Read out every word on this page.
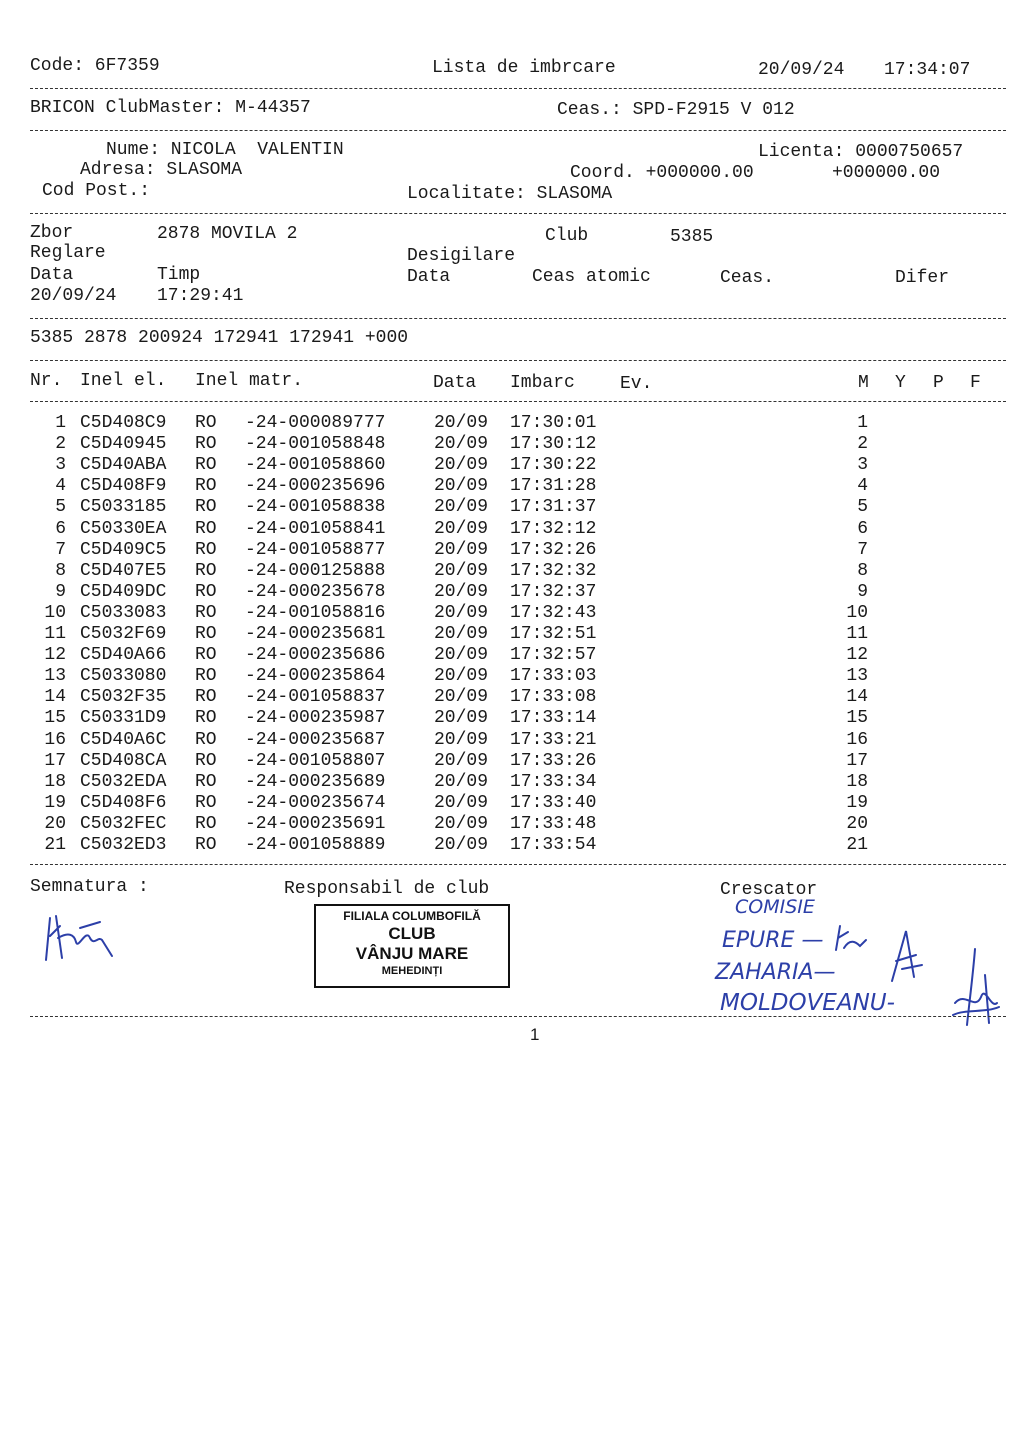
Code: 6F7359	Lista de imbrcare	20/09/24 17:34:07
BRICON ClubMaster: M-44357	Ceas.: SPD-F2915 V 012
Nume: NICOLA  VALENTIN	Licenta: 0000750657
Adresa: SLASOMA	Coord. +000000.00	+000000.00
Cod Post.:	Localitate: SLASOMA
Zbor	2878 MOVILA 2	Club	5385
Reglare	Desigilare
Data	Timp	Data	Ceas atomic	Ceas.	Difer
20/09/24 17:29:41
5385 2878 200924 172941 172941 +000
Nr. Inel el. Inel matr.	Data Imbarc	Ev.	M Y P F
1 C5D408C9 RO -24-000089777	20/09 17:30:01	1
2 C5D40945 RO -24-001058848	20/09 17:30:12	2
3 C5D40ABA RO -24-001058860	20/09 17:30:22	3
4 C5D408F9 RO -24-000235696	20/09 17:31:28	4
5 C5033185 RO -24-001058838	20/09 17:31:37	5
6 C50330EA RO -24-001058841	20/09 17:32:12	6
7 C5D409C5 RO -24-001058877	20/09 17:32:26	7
8 C5D407E5 RO -24-000125888	20/09 17:32:32	8
9 C5D409DC RO -24-000235678	20/09 17:32:37	9
10 C5033083 RO -24-001058816	20/09 17:32:43	10
11 C5032F69 RO -24-000235681	20/09 17:32:51	11
12 C5D40A66 RO -24-000235686	20/09 17:32:57	12
13 C5033080 RO -24-000235864	20/09 17:33:03	13
14 C5032F35 RO -24-001058837	20/09 17:33:08	14
15 C50331D9 RO -24-000235987	20/09 17:33:14	15
16 C5D40A6C RO -24-000235687	20/09 17:33:21	16
17 C5D408CA RO -24-001058807	20/09 17:33:26	17
18 C5032EDA RO -24-000235689	20/09 17:33:34	18
19 C5D408F6 RO -24-000235674	20/09 17:33:40	19
20 C5032FEC RO -24-000235691	20/09 17:33:48	20
21 C5032ED3 RO -24-001058889	20/09 17:33:54	21
Semnatura :	Responsabil de club	Crescator
FILIALA COLUMBOFILĂ
CLUB
VÂNJU MARE
MEHEDINȚI
COMISIE
EPURE —
ZAHARIA—
MOLDOVEANU-
1
